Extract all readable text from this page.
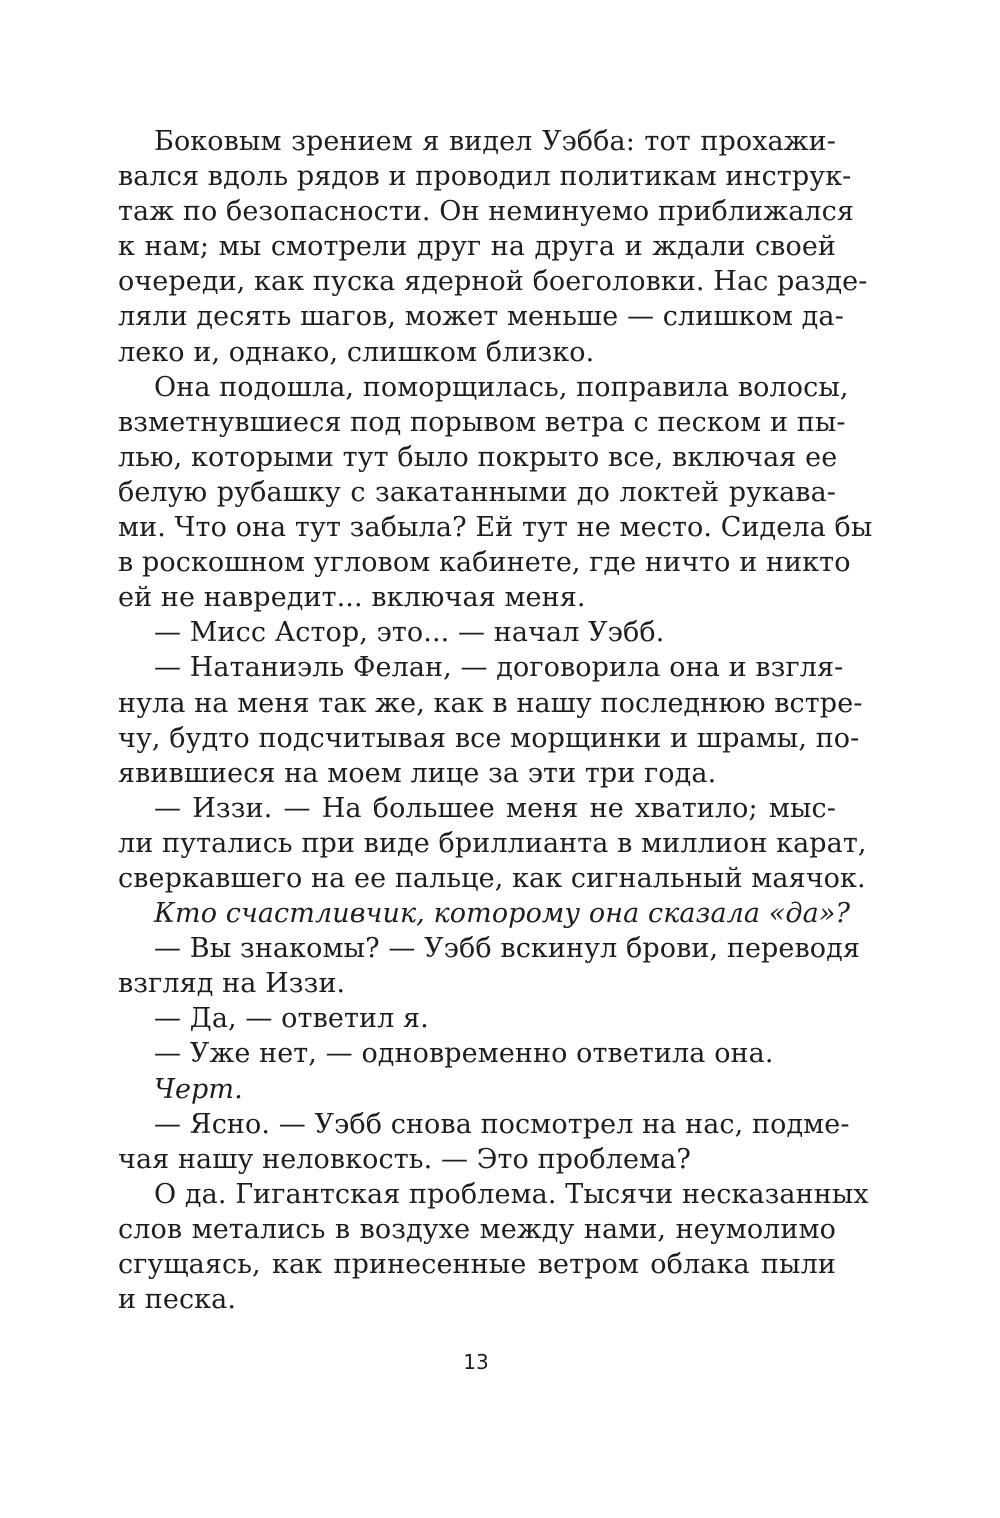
Боковым зрением я видел Уэбба: тот прохажи-
вался вдоль рядов и проводил политикам инструк-
таж по безопасности. Он неминуемо приближался
к нам; мы смотрели друг на друга и ждали своей
очереди, как пуска ядерной боеголовки. Нас разде-
ляли десять шагов, может меньше — слишком да-
леко и, однако, слишком близко.
Она подошла, поморщилась, поправила волосы,
взметнувшиеся под порывом ветра с песком и пы-
лью, которыми тут было покрыто все, включая ее
белую рубашку с закатанными до локтей рукава-
ми. Что она тут забыла? Ей тут не место. Сидела бы
в роскошном угловом кабинете, где ничто и никто
ей не навредит... включая меня.
— Мисс Астор, это... — начал Уэбб.
— Натаниэль Фелан, — договорила она и взгля-
нула на меня так же, как в нашу последнюю встре-
чу, будто подсчитывая все морщинки и шрамы, по-
явившиеся на моем лице за эти три года.
— Иззи. — На большее меня не хватило; мыс-
ли путались при виде бриллианта в миллион карат,
сверкавшего на ее пальце, как сигнальный маячок.
Кто счастливчик, которому она сказала «да»?
— Вы знакомы? — Уэбб вскинул брови, переводя
взгляд на Иззи.
— Да, — ответил я.
— Уже нет, — одновременно ответила она.
Черт.
— Ясно. — Уэбб снова посмотрел на нас, подме-
чая нашу неловкость. — Это проблема?
О да. Гигантская проблема. Тысячи несказанных
слов метались в воздухе между нами, неумолимо
сгущаясь, как принесенные ветром облака пыли
и песка.
13
